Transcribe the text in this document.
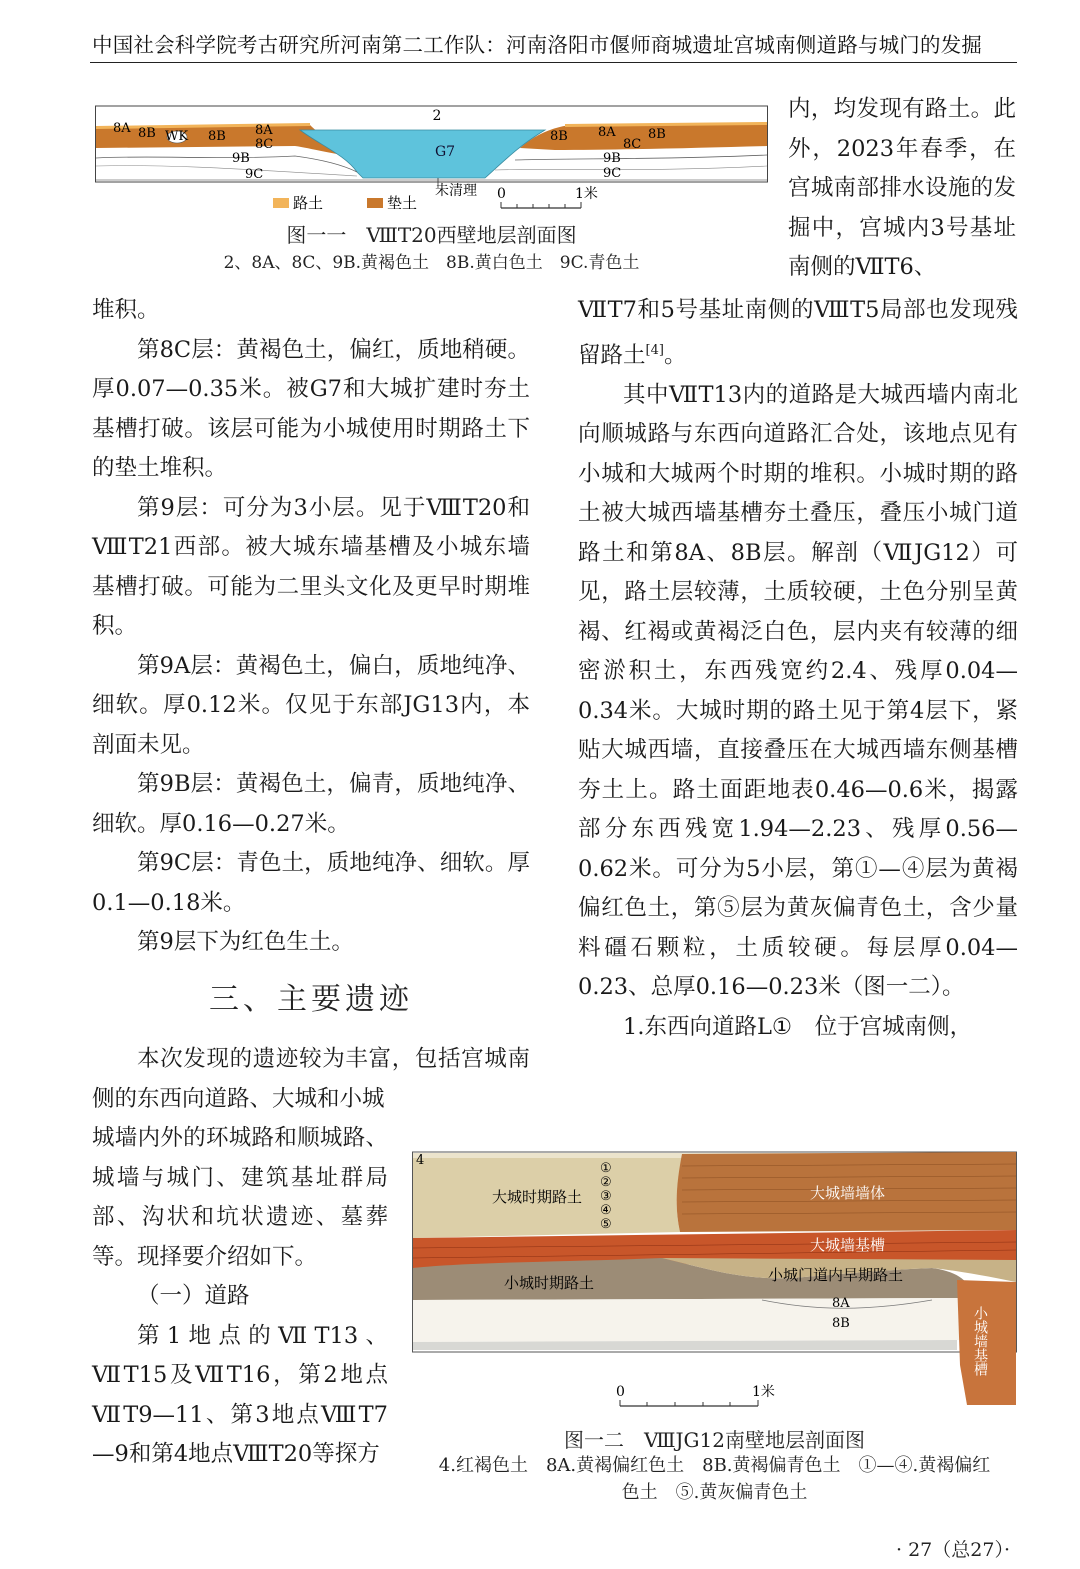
中国社会科学院考古研究所河南第二工作队：河南洛阳市偃师商城遗址宫城南侧道路与城门的发掘
2
8A 8B WK 8B 8A
8C
9B
9C
G7
8B 8A
8C
8B
9B
9C
未清理
路土	垫土	0	1米
图一一　ⅧT20西壁地层剖面图
2、8A、8C、9B.黄褐色土　8B.黄白色土　9C.青色土

内，均发现有路土。此外，2023年春季，在宫城南部排水设施的发掘中，宫城内3号基址南侧的ⅦT6、

堆积。

第8C层：黄褐色土，偏红，质地稍硬。厚0.07—0.35米。被G7和大城扩建时夯土基槽打破。该层可能为小城使用时期路土下的垫土堆积。

第9层：可分为3小层。见于ⅧT20和ⅧT21西部。被大城东墙基槽及小城东墙基槽打破。可能为二里头文化及更早时期堆积。

第9A层：黄褐色土，偏白，质地纯净、细软。厚0.12米。仅见于东部JG13内，本剖面未见。

第9B层：黄褐色土，偏青，质地纯净、细软。厚0.16—0.27米。

第9C层：青色土，质地纯净、细软。厚0.1—0.18米。

第9层下为红色生土。

三、主要遗迹

本次发现的遗迹较为丰富，包括宫城南侧的东西向道路、大城和小城

城墙内外的环城路和顺城路、城墙与城门、建筑基址群局部、沟状和坑状遗迹、墓葬等。现择要介绍如下。

（一）道路

第1地点的ⅦT13、ⅦT15及ⅦT16，第2地点ⅦT9—11、第3地点ⅧT7—9和第4地点ⅧT20等探方

ⅦT7和5号基址南侧的ⅧT5局部也发现残留路土[4]。

其中ⅦT13内的道路是大城西墙内南北向顺城路与东西向道路汇合处，该地点见有小城和大城两个时期的堆积。小城时期的路土被大城西墙基槽夯土叠压，叠压小城门道路土和第8A、8B层。解剖（ⅦJG12）可见，路土层较薄，土质较硬，土色分别呈黄褐、红褐或黄褐泛白色，层内夹有较薄的细密淤积土，东西残宽约2.4、残厚0.04—0.34米。大城时期的路土见于第4层下，紧贴大城西墙，直接叠压在大城西墙东侧基槽夯土上。路土面距地表0.46—0.6米，揭露部分东西残宽1.94—2.23、残厚0.56—0.62米。可分为5小层，第①—④层为黄褐偏红色土，第⑤层为黄灰偏青色土，含少量料礓石颗粒，土质较硬。每层厚0.04—0.23、总厚0.16—0.23米（图一二）。

1.东西向道路L①　位于宫城南侧，

4
①
②
③
④
⑤
大城时期路土	大城墙墙体
大城墙基槽
小城门道内早期路土
小城时期路土
8A
8B	小城墙基槽
0	1米
图一二　ⅧJG12南壁地层剖面图
4.红褐色土　8A.黄褐偏红色土　8B.黄褐偏青色土　①—④.黄褐偏红
色土　⑤.黄灰偏青色土
· 27（总27）·
